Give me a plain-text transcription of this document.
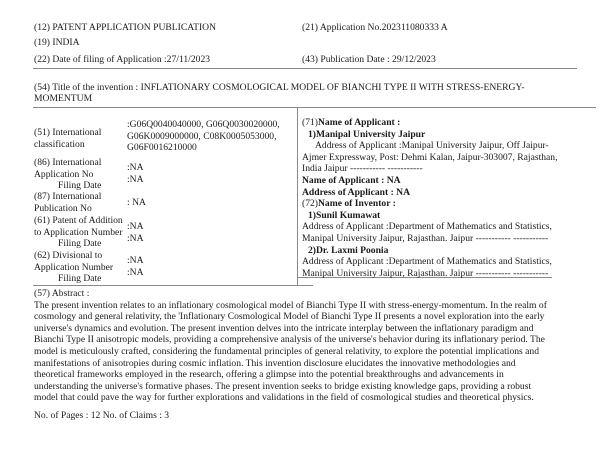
(12) PATENT APPLICATION PUBLICATION
(19) INDIA
(22) Date of filing of Application :27/11/2023
(21) Application No.202311080333 A
(43) Publication Date : 29/12/2023
(54) Title of the invention : INFLATIONARY COSMOLOGICAL MODEL OF BIANCHI TYPE II WITH STRESS-ENERGY-
MOMENTUM
(51) International
classification
:G06Q0040040000, G06Q0030020000,
G06K0009000000, C08K0005053000,
G06F0016210000
(86) International
Application No
Filing Date
:NA
:NA
(87) International
Publication No
: NA
(61) Patent of Addition
to Application Number
Filing Date
:NA
:NA
(62) Divisional to
Application Number
Filing Date
:NA
:NA
(71)Name of Applicant :
1)Manipal University Jaipur
Address of Applicant :Manipal University Jaipur, Off Jaipur-
Ajmer Expressway, Post: Dehmi Kalan, Jaipur-303007, Rajasthan,
India Jaipur ----------- -----------
Name of Applicant : NA
Address of Applicant : NA
(72)Name of Inventor :
1)Sunil Kumawat
Address of Applicant :Department of Mathematics and Statistics,
Manipal University Jaipur, Rajasthan. Jaipur ----------- -----------
2)Dr. Laxmi Poonia
Address of Applicant :Department of Mathematics and Statistics,
Manipal University Jaipur, Rajasthan. Jaipur ----------- -----------
(57) Abstract :
The present invention relates to an inflationary cosmological model of Bianchi Type II with stress-energy-momentum. In the realm of
cosmology and general relativity, the 'Inflationary Cosmological Model of Bianchi Type II presents a novel exploration into the early
universe's dynamics and evolution. The present invention delves into the intricate interplay between the inflationary paradigm and
Bianchi Type II anisotropic models, providing a comprehensive analysis of the universe's behavior during its inflationary period. The
model is meticulously crafted, considering the fundamental principles of general relativity, to explore the potential implications and
manifestations of anisotropies during cosmic inflation. This invention disclosure elucidates the innovative methodologies and
theoretical frameworks employed in the research, offering a glimpse into the potential breakthroughs and advancements in
understanding the universe's formative phases. The present invention seeks to bridge existing knowledge gaps, providing a robust
model that could pave the way for further explorations and validations in the field of cosmological studies and theoretical physics.
No. of Pages : 12 No. of Claims : 3
